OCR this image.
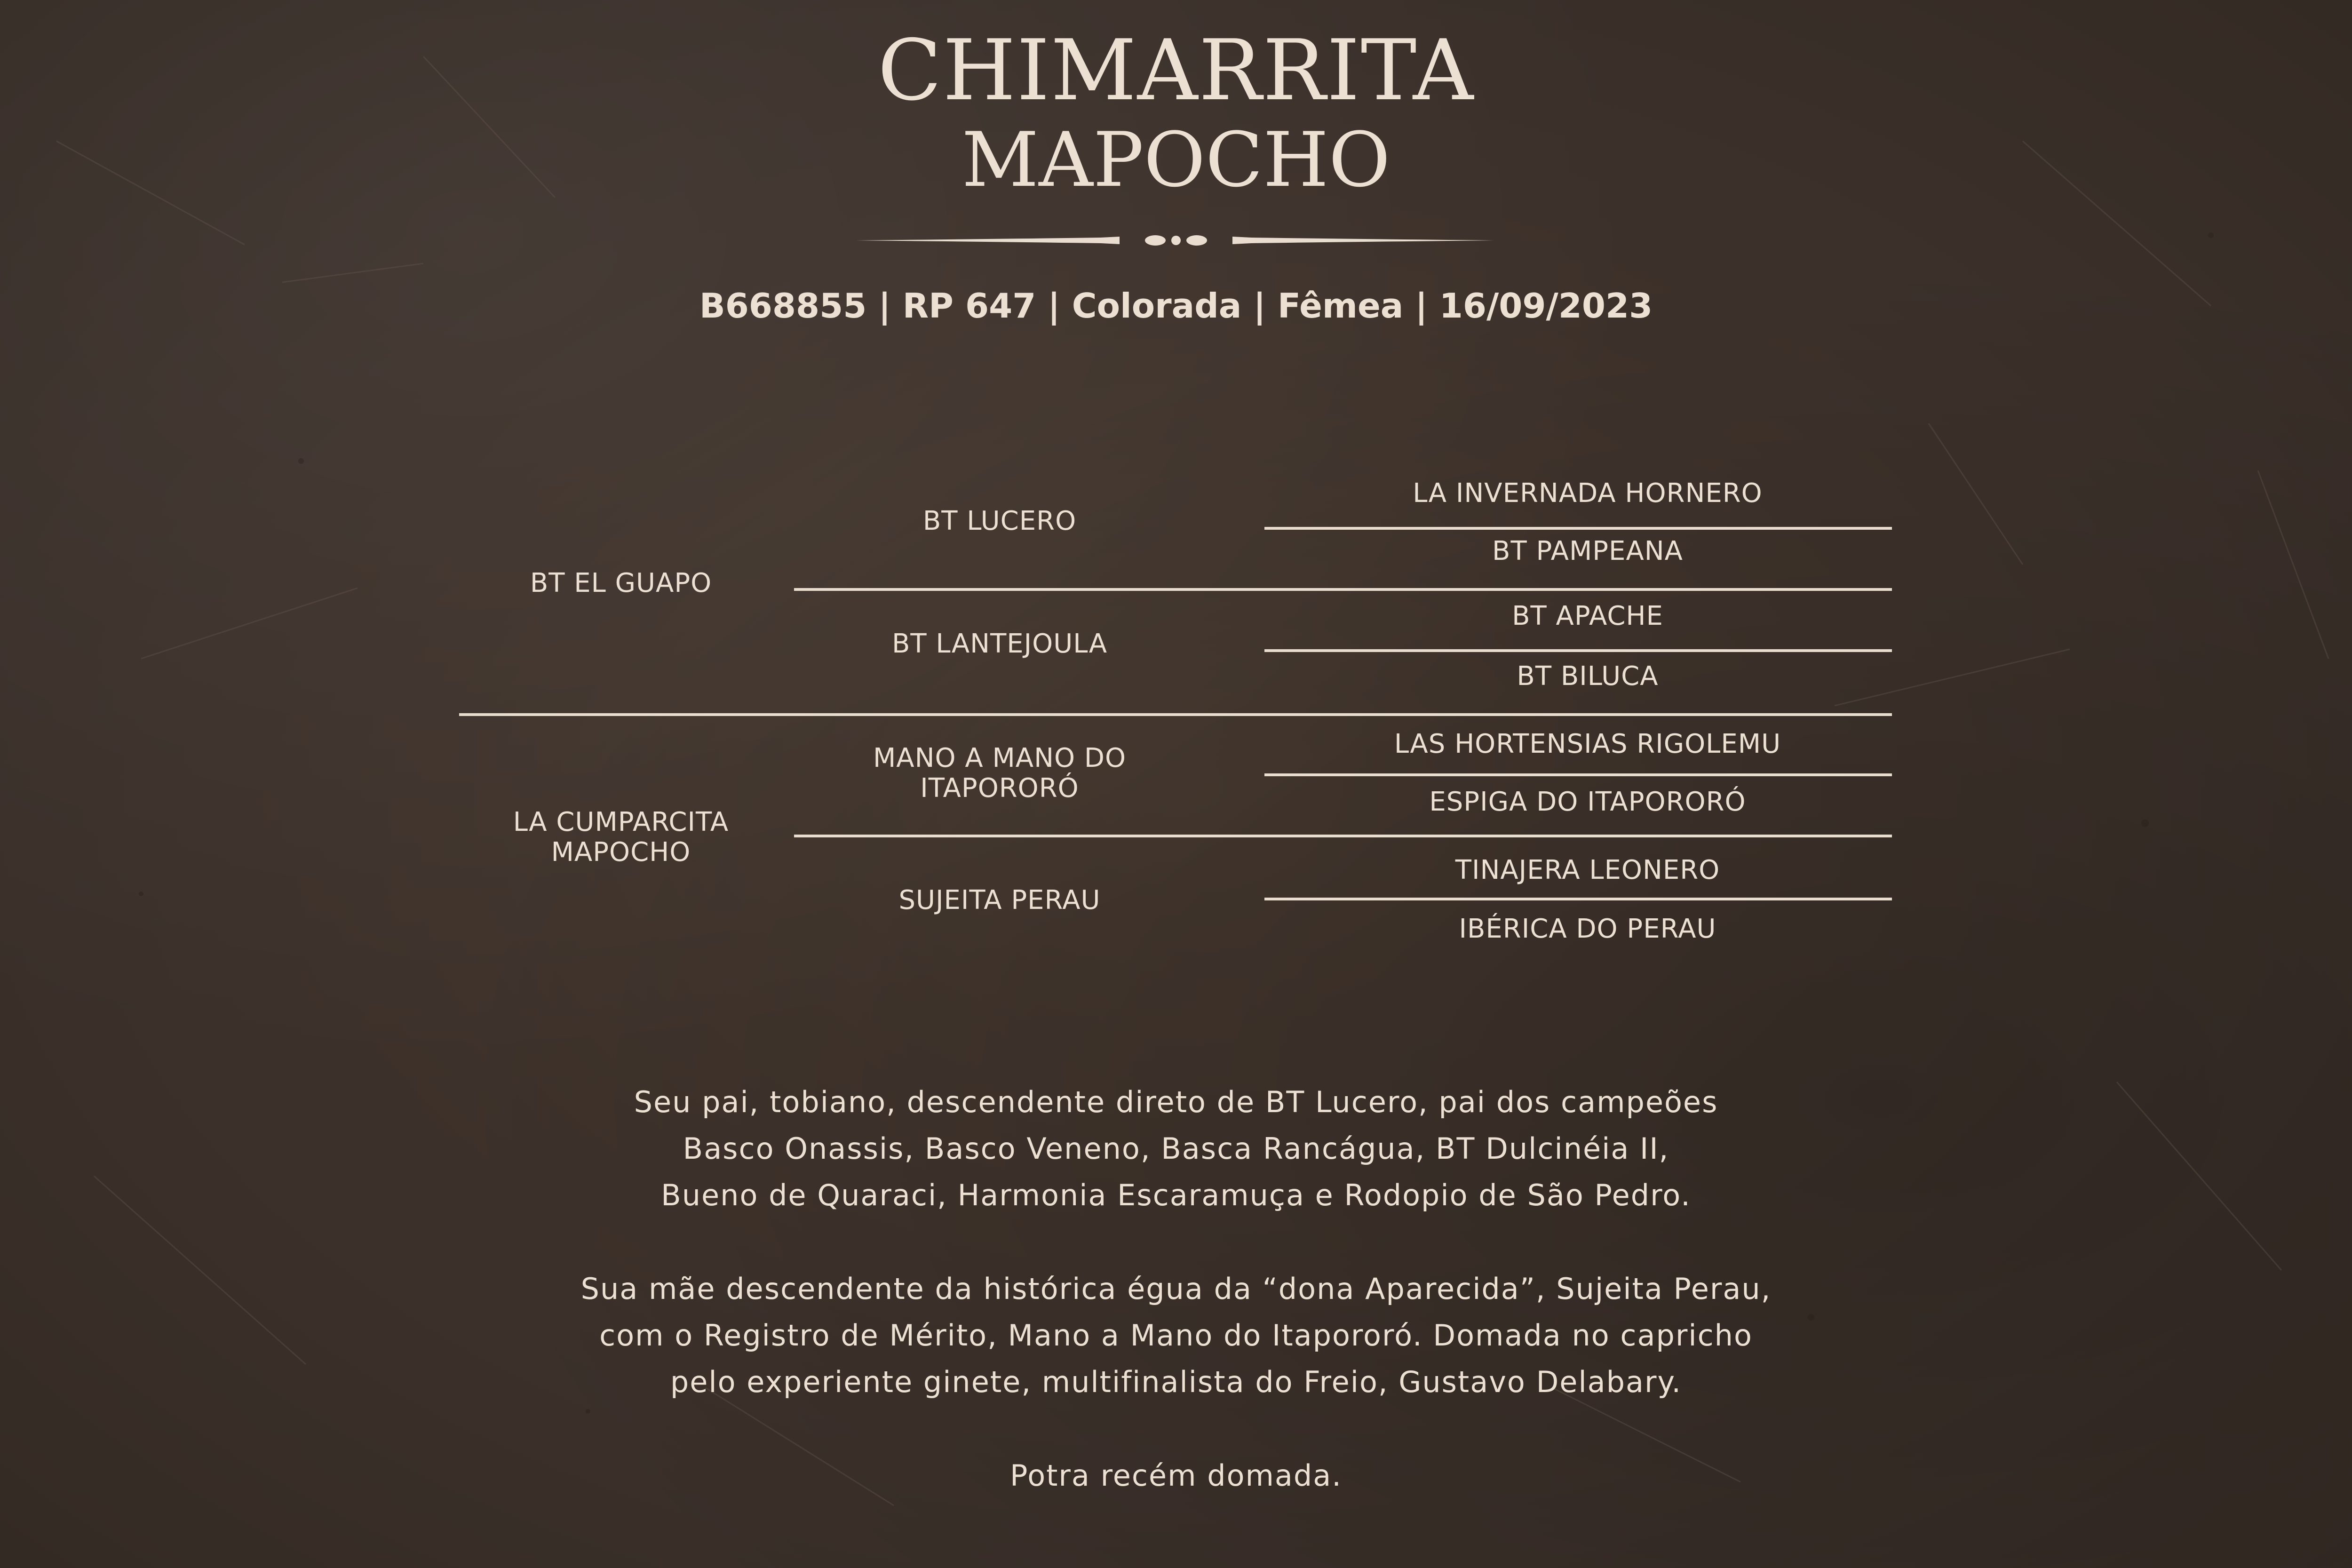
CHIMARRITA
MAPOCHO
B668855 | RP 647 | Colorada | Fêmea | 16/09/2023
BT EL GUAPO
LA CUMPARCITA
MAPOCHO
BT LUCERO
BT LANTEJOULA
MANO A MANO DO
ITAPORORÓ
SUJEITA PERAU
LA INVERNADA HORNERO
BT PAMPEANA
BT APACHE
BT BILUCA
LAS HORTENSIAS RIGOLEMU
ESPIGA DO ITAPORORÓ
TINAJERA LEONERO
IBÉRICA DO PERAU
Seu pai, tobiano, descendente direto de BT Lucero, pai dos campeões
Basco Onassis, Basco Veneno, Basca Rancágua, BT Dulcinéia II,
Bueno de Quaraci, Harmonia Escaramuça e Rodopio de São Pedro.
Sua mãe descendente da histórica égua da “dona Aparecida”, Sujeita Perau,
com o Registro de Mérito, Mano a Mano do Itapororó. Domada no capricho
pelo experiente ginete, multifinalista do Freio, Gustavo Delabary.
Potra recém domada.
